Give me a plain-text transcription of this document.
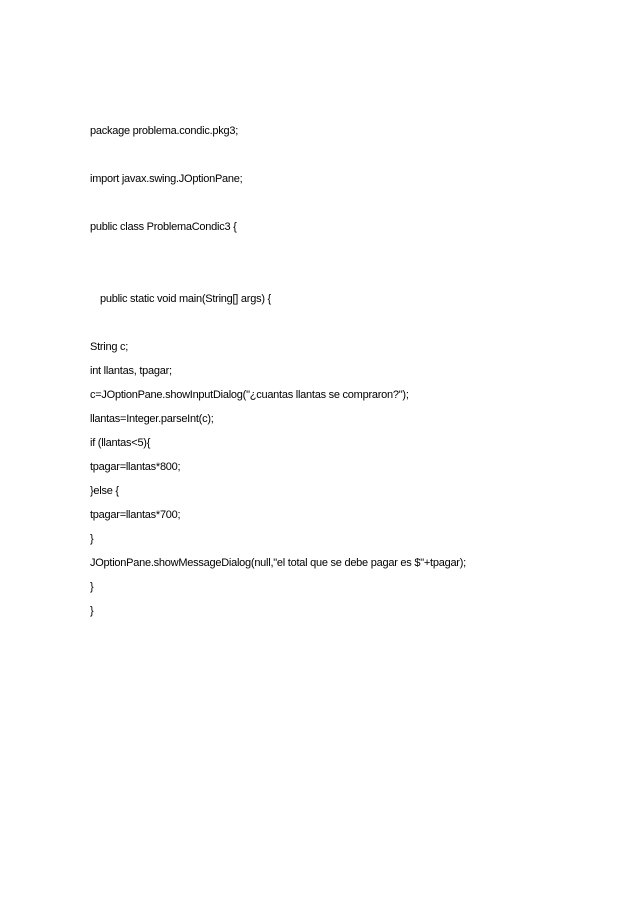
package problema.condic.pkg3;
import javax.swing.JOptionPane;
public class ProblemaCondic3 {
public static void main(String[] args) {
String c;
int llantas, tpagar;
c=JOptionPane.showInputDialog("¿cuantas llantas se compraron?");
llantas=Integer.parseInt(c);
if (llantas<5){
tpagar=llantas*800;
}else {
tpagar=llantas*700;
}
JOptionPane.showMessageDialog(null,"el total que se debe pagar es $"+tpagar);
}
}
